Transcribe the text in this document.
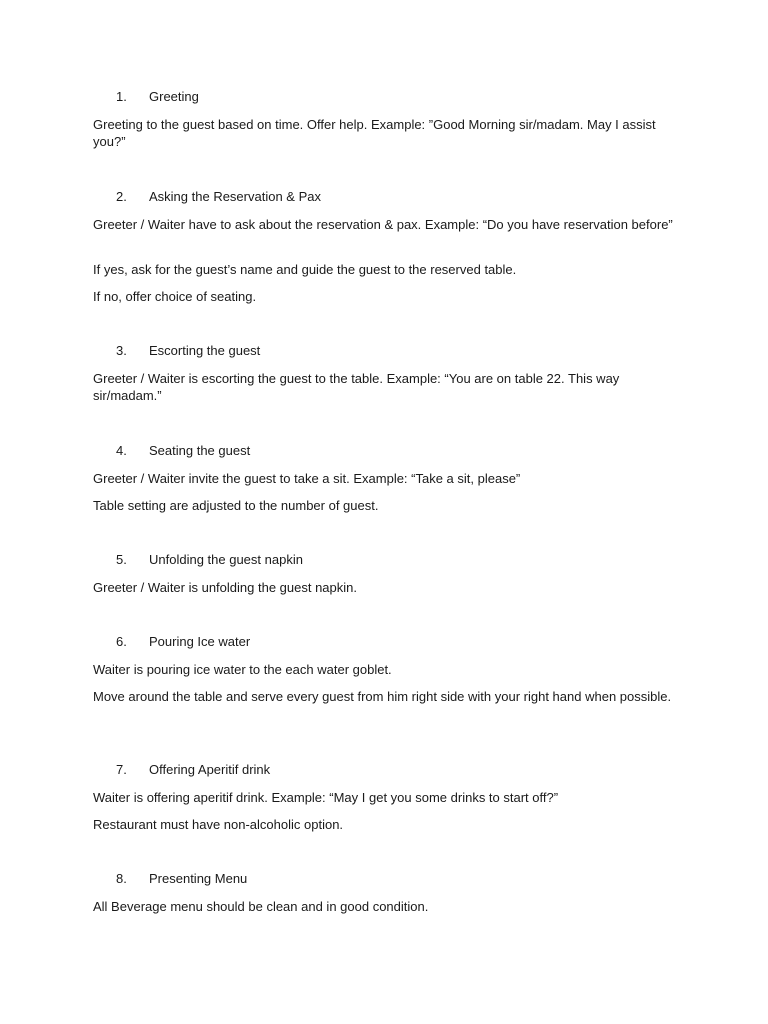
1. Greeting

Greeting to the guest based on time. Offer help. Example: ”Good Morning sir/madam. May I assist you?”

2. Asking the Reservation & Pax

Greeter / Waiter have to ask about the reservation & pax. Example: “Do you have reservation before”

If yes, ask for the guest’s name and guide the guest to the reserved table.

If no, offer choice of seating.

3. Escorting the guest

Greeter / Waiter is escorting the guest to the table. Example: “You are on table 22. This way sir/madam.”

4. Seating the guest

Greeter / Waiter invite the guest to take a sit. Example: “Take a sit, please”

Table setting are adjusted to the number of guest.

5. Unfolding the guest napkin

Greeter / Waiter is unfolding the guest napkin.

6. Pouring Ice water

Waiter is pouring ice water to the each water goblet.

Move around the table and serve every guest from him right side with your right hand when possible.

7. Offering Aperitif drink

Waiter is offering aperitif drink. Example: “May I get you some drinks to start off?”

Restaurant must have non-alcoholic option.

8. Presenting Menu

All Beverage menu should be clean and in good condition.
